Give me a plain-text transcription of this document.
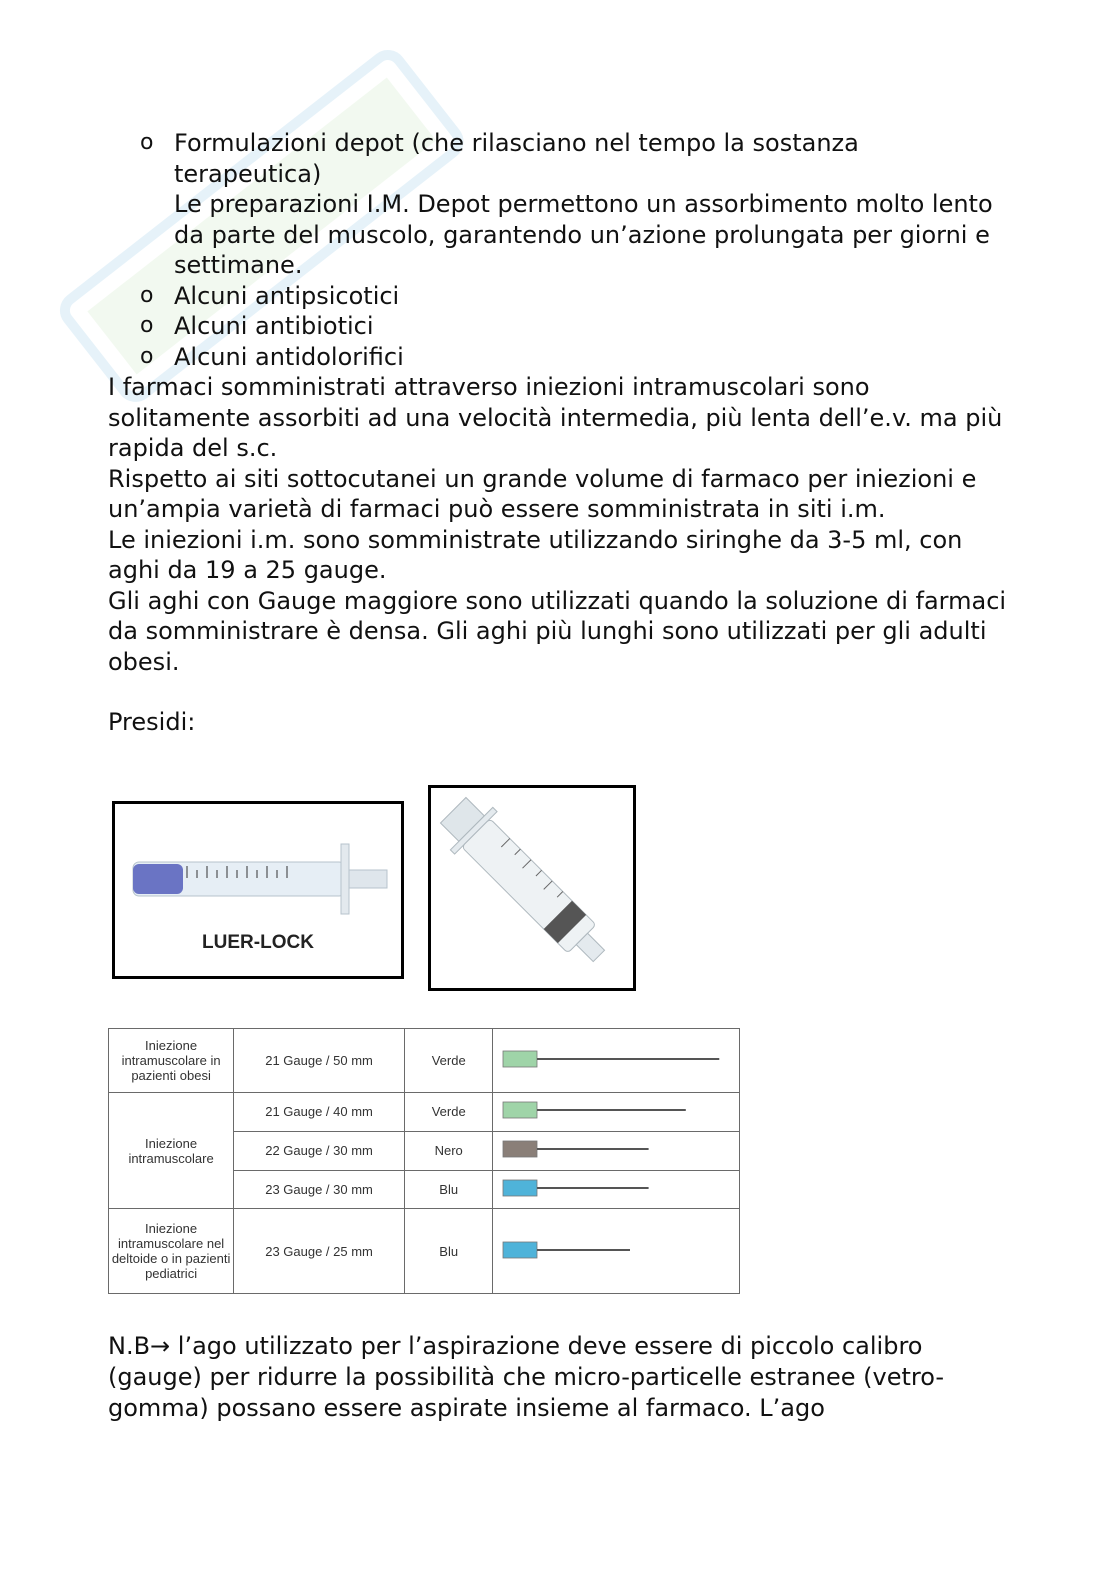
o Formulazioni depot (che rilasciano nel tempo la sostanza terapeutica)
Le preparazioni I.M. Depot permettono un assorbimento molto lento da parte del muscolo, garantendo un’azione prolungata per giorni e settimane.
o Alcuni antipsicotici
o Alcuni antibiotici
o Alcuni antidolorifici

I farmaci somministrati attraverso iniezioni intramuscolari sono solitamente assorbiti ad una velocità intermedia, più lenta dell’e.v. ma più rapida del s.c.

Rispetto ai siti sottocutanei un grande volume di farmaco per iniezioni e un’ampia varietà di farmaci può essere somministrata in siti i.m.

Le iniezioni i.m. sono somministrate utilizzando siringhe da 3-5 ml, con aghi da 19 a 25 gauge.

Gli aghi con Gauge maggiore sono utilizzati quando la soluzione di farmaci da somministrare è densa. Gli aghi più lunghi sono utilizzati per gli adulti obesi.

Presidi:

LUER-LOCK
Iniezione intramuscolare in pazienti obesi	21 Gauge / 50 mm	Verde	
Iniezione intramuscolare	21 Gauge / 40 mm	Verde	
	22 Gauge / 30 mm	Nero	
	23 Gauge / 30 mm	Blu	
Iniezione intramuscolare nel deltoide o in pazienti pediatrici	23 Gauge / 25 mm	Blu	

N.B→ l’ago utilizzato per l’aspirazione deve essere di piccolo calibro (gauge) per ridurre la possibilità che micro-particelle estranee (vetro-gomma) possano essere aspirate insieme al farmaco. L’ago
